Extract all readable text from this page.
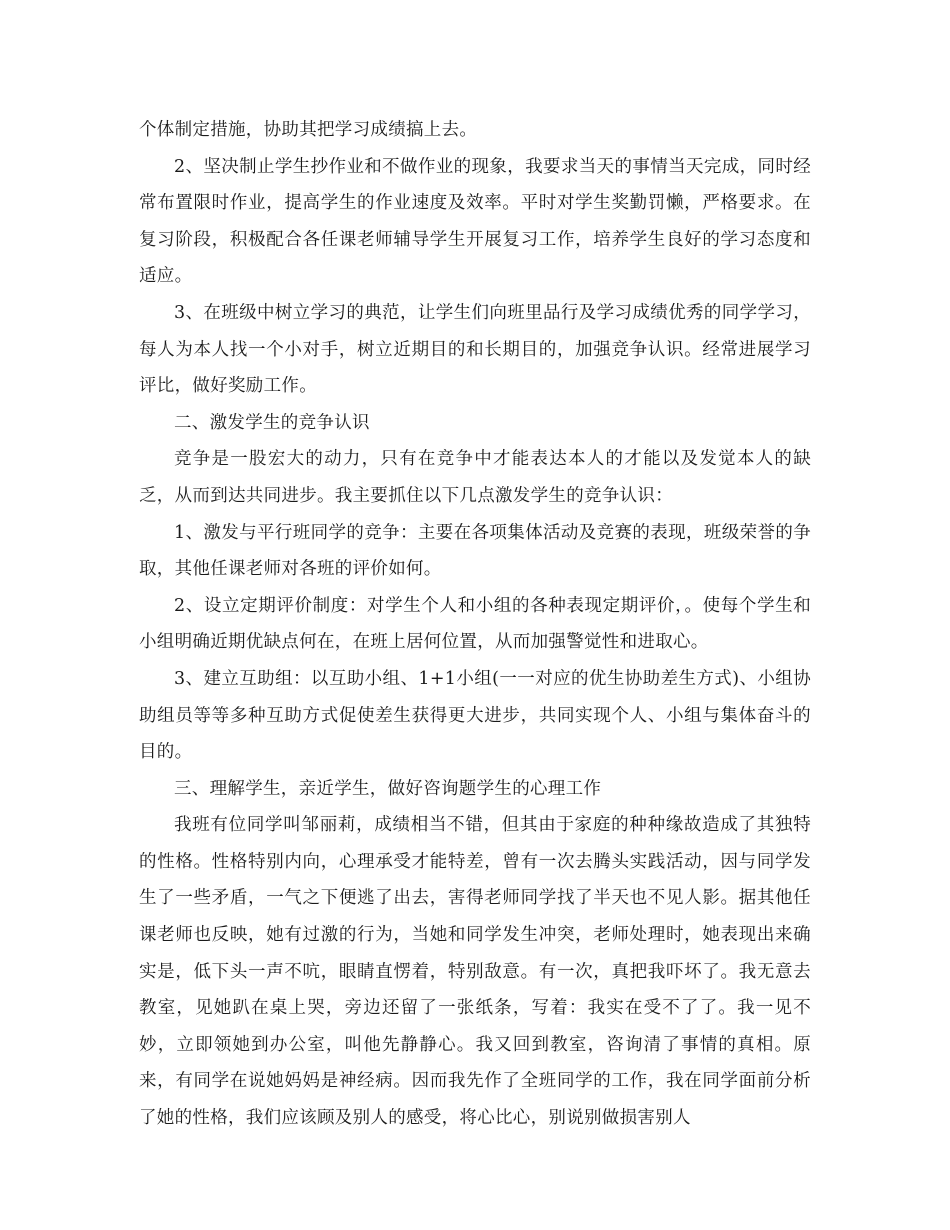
个体制定措施，协助其把学习成绩搞上去。

2、坚决制止学生抄作业和不做作业的现象，我要求当天的事情当天完成，同时经常布置限时作业，提高学生的作业速度及效率。平时对学生奖勤罚懒，严格要求。在复习阶段，积极配合各任课老师辅导学生开展复习工作，培养学生良好的学习态度和适应。

3、在班级中树立学习的典范，让学生们向班里品行及学习成绩优秀的同学学习，每人为本人找一个小对手，树立近期目的和长期目的，加强竞争认识。经常进展学习评比，做好奖励工作。

二、激发学生的竞争认识

竞争是一股宏大的动力，只有在竞争中才能表达本人的才能以及发觉本人的缺乏，从而到达共同进步。我主要抓住以下几点激发学生的竞争认识：

1、激发与平行班同学的竞争：主要在各项集体活动及竞赛的表现，班级荣誉的争取，其他任课老师对各班的评价如何。

2、设立定期评价制度：对学生个人和小组的各种表现定期评价，。使每个学生和小组明确近期优缺点何在，在班上居何位置，从而加强警觉性和进取心。

3、建立互助组：以互助小组、1+1小组(一一对应的优生协助差生方式)、小组协助组员等等多种互助方式促使差生获得更大进步，共同实现个人、小组与集体奋斗的目的。

三、理解学生，亲近学生，做好咨询题学生的心理工作

我班有位同学叫邹丽莉，成绩相当不错，但其由于家庭的种种缘故造成了其独特的性格。性格特别内向，心理承受才能特差，曾有一次去腾头实践活动，因与同学发生了一些矛盾，一气之下便逃了出去，害得老师同学找了半天也不见人影。据其他任课老师也反映，她有过激的行为，当她和同学发生冲突，老师处理时，她表现出来确实是，低下头一声不吭，眼睛直愣着，特别敌意。有一次，真把我吓坏了。我无意去教室，见她趴在桌上哭，旁边还留了一张纸条，写着：我实在受不了了。我一见不妙，立即领她到办公室，叫他先静静心。我又回到教室，咨询清了事情的真相。原来，有同学在说她妈妈是神经病。因而我先作了全班同学的工作，我在同学面前分析了她的性格，我们应该顾及别人的感受，将心比心，别说别做损害别人
